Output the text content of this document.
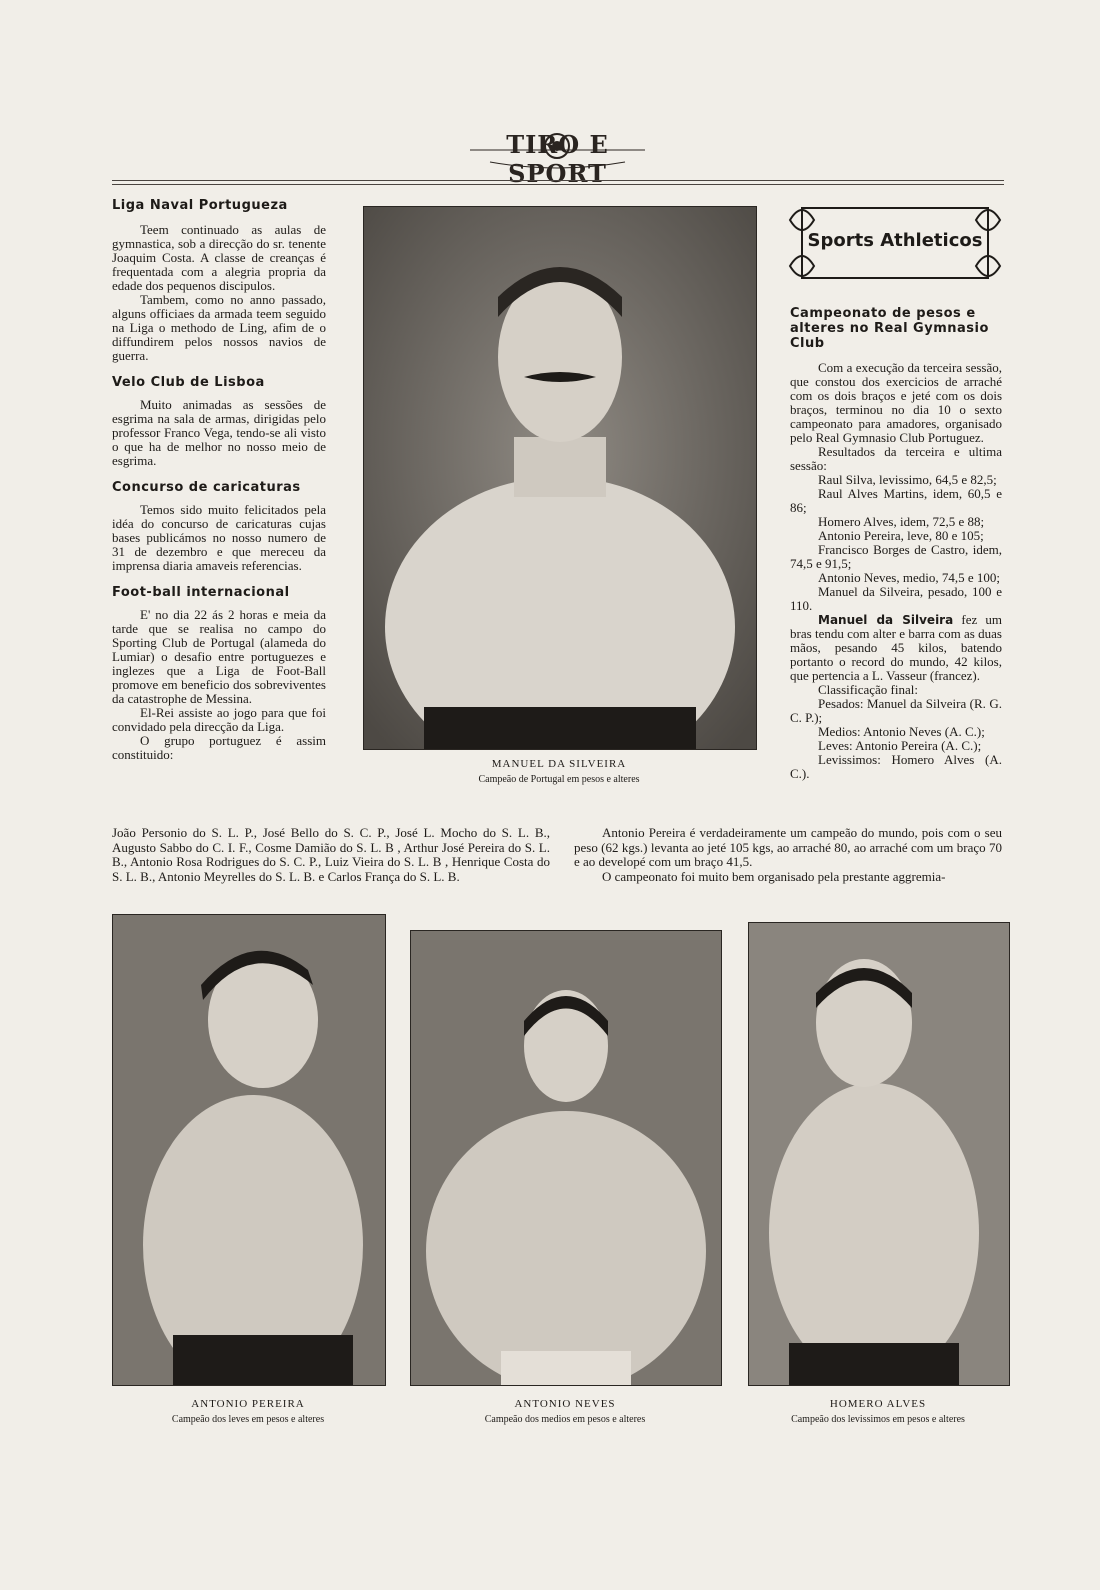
TIRO E SPORT
Liga Naval Portugueza

Teem continuado as aulas de gymnastica, sob a direcção do sr. tenente Joaquim Costa. A classe de creanças é frequentada com a alegria propria da edade dos pequenos discipulos.

Tambem, como no anno passado, alguns officiaes da armada teem seguido na Liga o methodo de Ling, afim de o diffundirem pelos nossos navios de guerra.

Velo Club de Lisboa

Muito animadas as sessões de esgrima na sala de armas, dirigidas pelo professor Franco Vega, tendo-se ali visto o que ha de melhor no nosso meio de esgrima.

Concurso de caricaturas

Temos sido muito felicitados pela idéa do concurso de caricaturas cujas bases publicámos no nosso numero de 31 de dezembro e que mereceu da imprensa diaria amaveis referencias.

Foot-ball internacional

E' no dia 22 ás 2 horas e meia da tarde que se realisa no campo do Sporting Club de Portugal (alameda do Lumiar) o desafio entre portuguezes e inglezes que a Liga de Foot-Ball promove em beneficio dos sobreviventes da catastrophe de Messina.

El-Rei assiste ao jogo para que foi convidado pela direcção da Liga.

O grupo portuguez é assim constituido:

MANUEL DA SILVEIRA
Campeão de Portugal em pesos e alteres
Sports Athleticos
Campeonato de pesos e alteres no Real Gymnasio Club

Com a execução da terceira sessão, que constou dos exercicios de arraché com os dois braços e jeté com os dois braços, terminou no dia 10 o sexto campeonato para amadores, organisado pelo Real Gymnasio Club Portuguez.

Resultados da terceira e ultima sessão:

Raul Silva, levissimo, 64,5 e 82,5;

Raul Alves Martins, idem, 60,5 e 86;

Homero Alves, idem, 72,5 e 88;

Antonio Pereira, leve, 80 e 105;

Francisco Borges de Castro, idem, 74,5 e 91,5;

Antonio Neves, medio, 74,5 e 100;

Manuel da Silveira, pesado, 100 e 110.

Manuel da Silveira fez um bras tendu com alter e barra com as duas mãos, pesando 45 kilos, batendo portanto o record do mundo, 42 kilos, que pertencia a L. Vasseur (francez).

Classificação final:

Pesados: Manuel da Silveira (R. G. C. P.);

Medios: Antonio Neves (A. C.);

Leves: Antonio Pereira (A. C.);

Levissimos: Homero Alves (A. C.).

João Personio do S. L. P., José Bello do S. C. P., José L. Mocho do S. L. B., Augusto Sabbo do C. I. F., Cosme Damião do S. L. B , Arthur José Pereira do S. L. B., Antonio Rosa Rodrigues do S. C. P., Luiz Vieira do S. L. B , Henrique Costa do S. L. B., Antonio Meyrelles do S. L. B. e Carlos França do S. L. B.

Antonio Pereira é verdadeiramente um campeão do mundo, pois com o seu peso (62 kgs.) levanta ao jeté 105 kgs, ao arraché 80, ao arraché com um braço 70 e ao developé com um braço 41,5.

O campeonato foi muito bem organisado pela prestante aggremia-

ANTONIO PEREIRA
Campeão dos leves em pesos e alteres
ANTONIO NEVES
Campeão dos medios em pesos e alteres
HOMERO ALVES
Campeão dos levissimos em pesos e alteres
